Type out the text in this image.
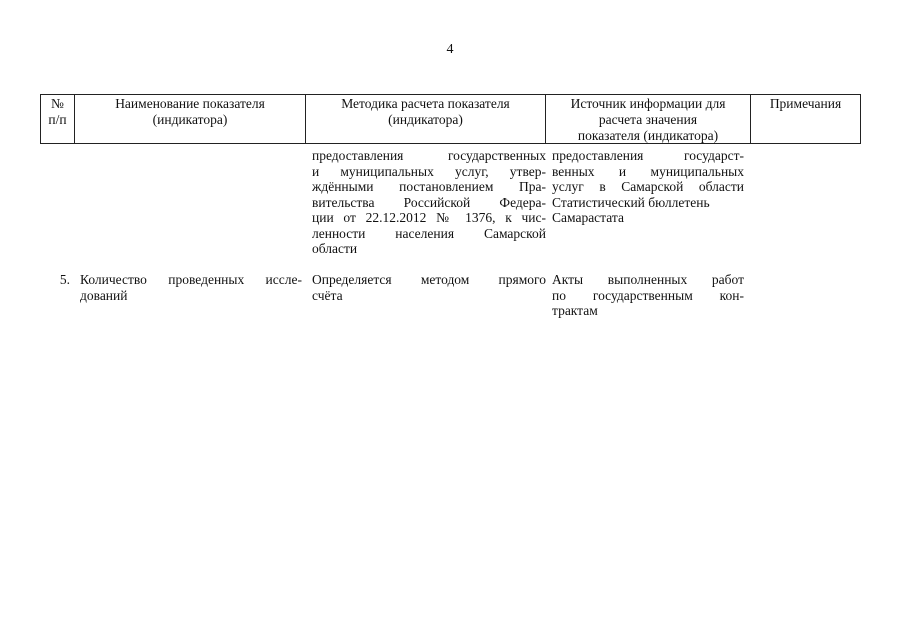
4
№
п/п
Наименование показателя
(индикатора)
Методика расчета показателя
(индикатора)
Источник информации для
расчета значения
показателя (индикатора)
Примечания
предоставления государственных
и муниципальных услуг, утвер-
ждёнными постановлением Пра-
вительства Российской Федера-
ции от 22.12.2012 № 1376, к чис-
ленности населения Самарской
области
предоставления государст-
венных и муниципальных
услуг в Самарской области
Статистический бюллетень
Самарастата
5. Количество проведенных иссле-
дований
Определяется методом прямого
счёта
Акты выполненных работ
по государственным кон-
трактам
